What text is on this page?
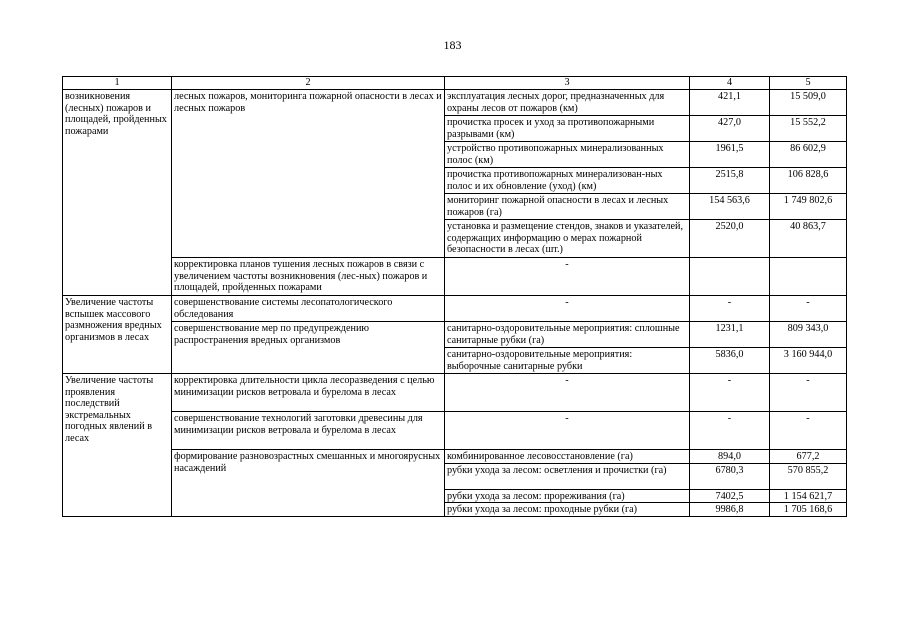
183
1	2	3	4	5
возникновения (лесных) пожаров и площадей, пройденных пожарами	лесных пожаров, мониторинга пожарной опасности в лесах и лесных пожаров	эксплуатация лесных дорог, предназначенных для охраны лесов от пожаров (км)	421,1	15 509,0
		прочистка просек и уход за противопожарными разрывами (км)	427,0	15 552,2
		устройство противопожарных минерализованных полос (км)	1961,5	86 602,9
		прочистка противопожарных минерализован-ных полос и их обновление (уход) (км)	2515,8	106 828,6
		мониторинг пожарной опасности в лесах и лесных пожаров (га)	154 563,6	1 749 802,6
		установка и размещение стендов, знаков и указателей, содержащих информацию о мерах пожарной безопасности в лесах (шт.)	2520,0	40 863,7
	корректировка планов тушения лесных пожаров в связи с увеличением частоты возникновения (лес-ных) пожаров и площадей, пройденных пожарами	-		
Увеличение частоты вспышек массового размножения вредных организмов в лесах	совершенствование системы лесопатологического обследования	-	-	-
	совершенствование мер по предупреждению распространения вредных организмов	санитарно-оздоровительные мероприятия: сплошные санитарные рубки (га)	1231,1	809 343,0
		санитарно-оздоровительные мероприятия: выборочные санитарные рубки	5836,0	3 160 944,0
Увеличение частоты проявления последствий экстремальных погодных явлений в лесах	корректировка длительности цикла лесоразведения с целью минимизации рисков ветровала и бурелома в лесах	-	-	-
	совершенствование технологий заготовки древесины для минимизации рисков ветровала и бурелома в лесах	-	-	-
	формирование разновозрастных смешанных и многоярусных насаждений	комбинированное лесовосстановление (га)	894,0	677,2
		рубки ухода за лесом: осветления и прочистки (га)	6780,3	570 855,2
		рубки ухода за лесом: прореживания (га)	7402,5	1 154 621,7
		рубки ухода за лесом: проходные рубки (га)	9986,8	1 705 168,6
